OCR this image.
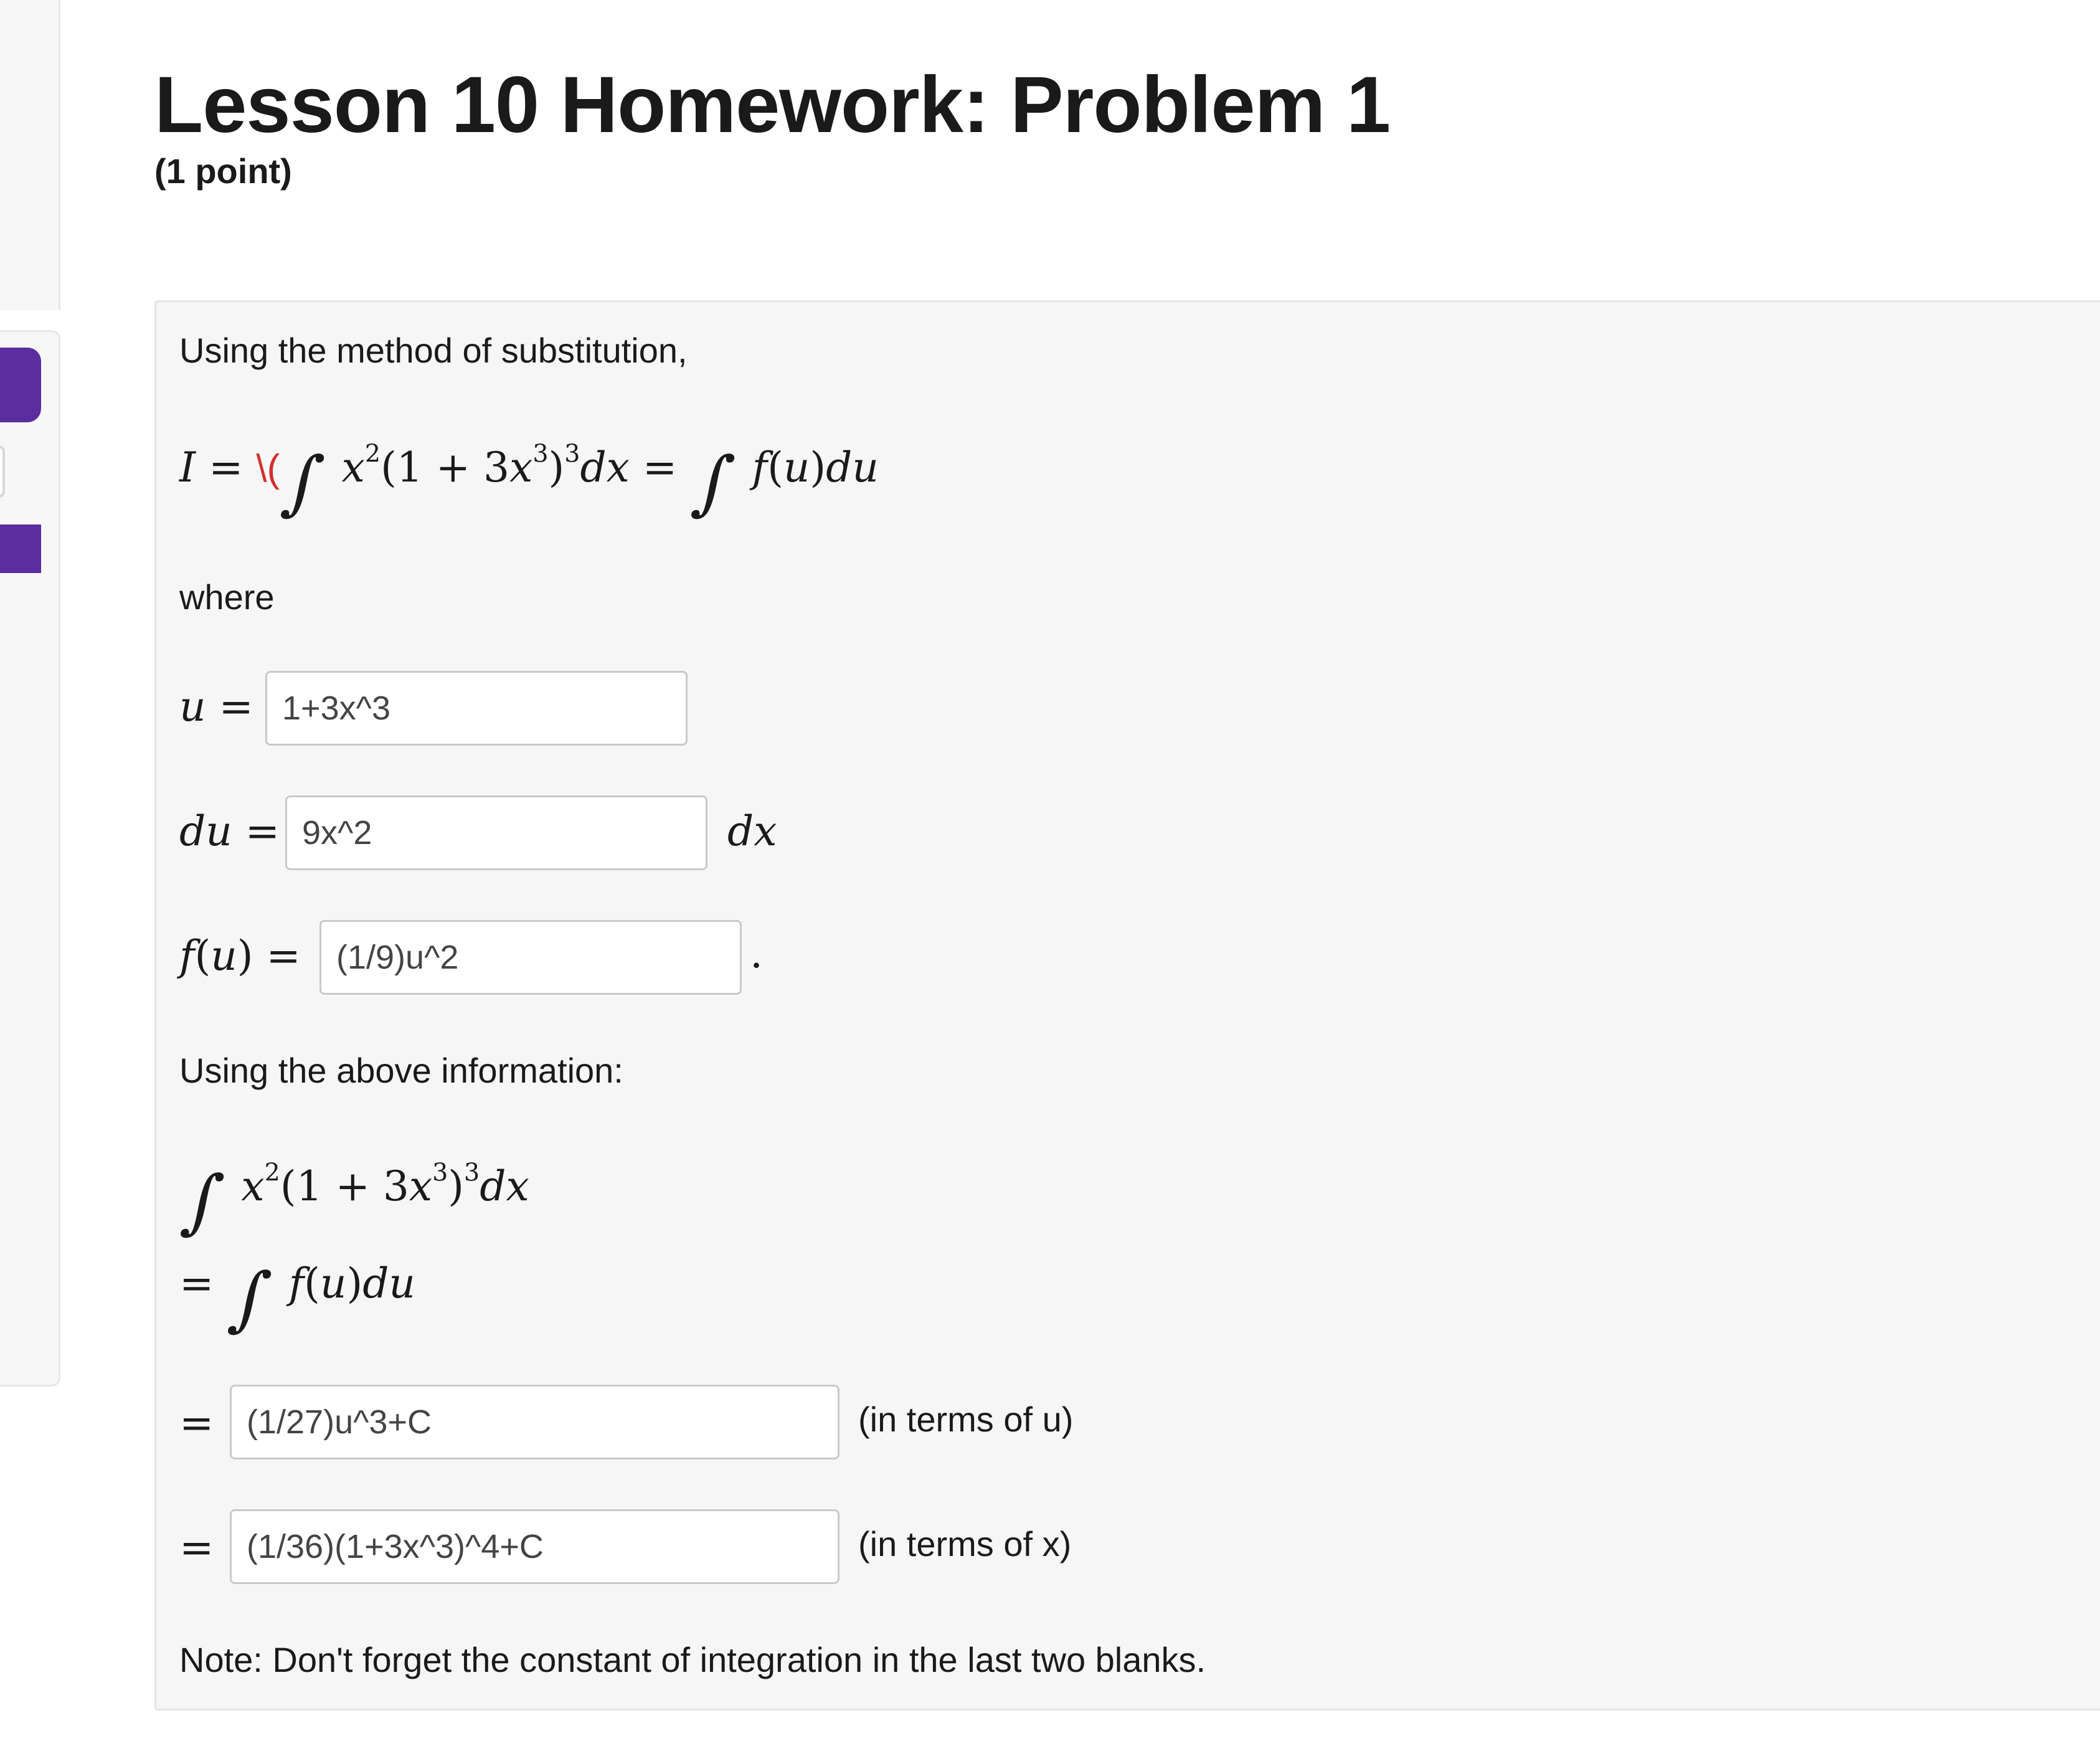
Lesson 10 Homework: Problem 1
(1 point)
Using the method of substitution,
I = \(∫ $x^2(1 + 3x^3)^3dx$ = ∫ f(u)du
where
u =
1+3x^3
du =
9x^2	dx
f(u) =
(1/9)u^2	.
Using the above information:
∫ $x^2(1 + 3x^3)^3dx$
= ∫ f(u)du
=
(1/27)u^3+C	(in terms of u)
=
(1/36)(1+3x^3)^4+C	(in terms of x)
Note: Don't forget the constant of integration in the last two blanks.
